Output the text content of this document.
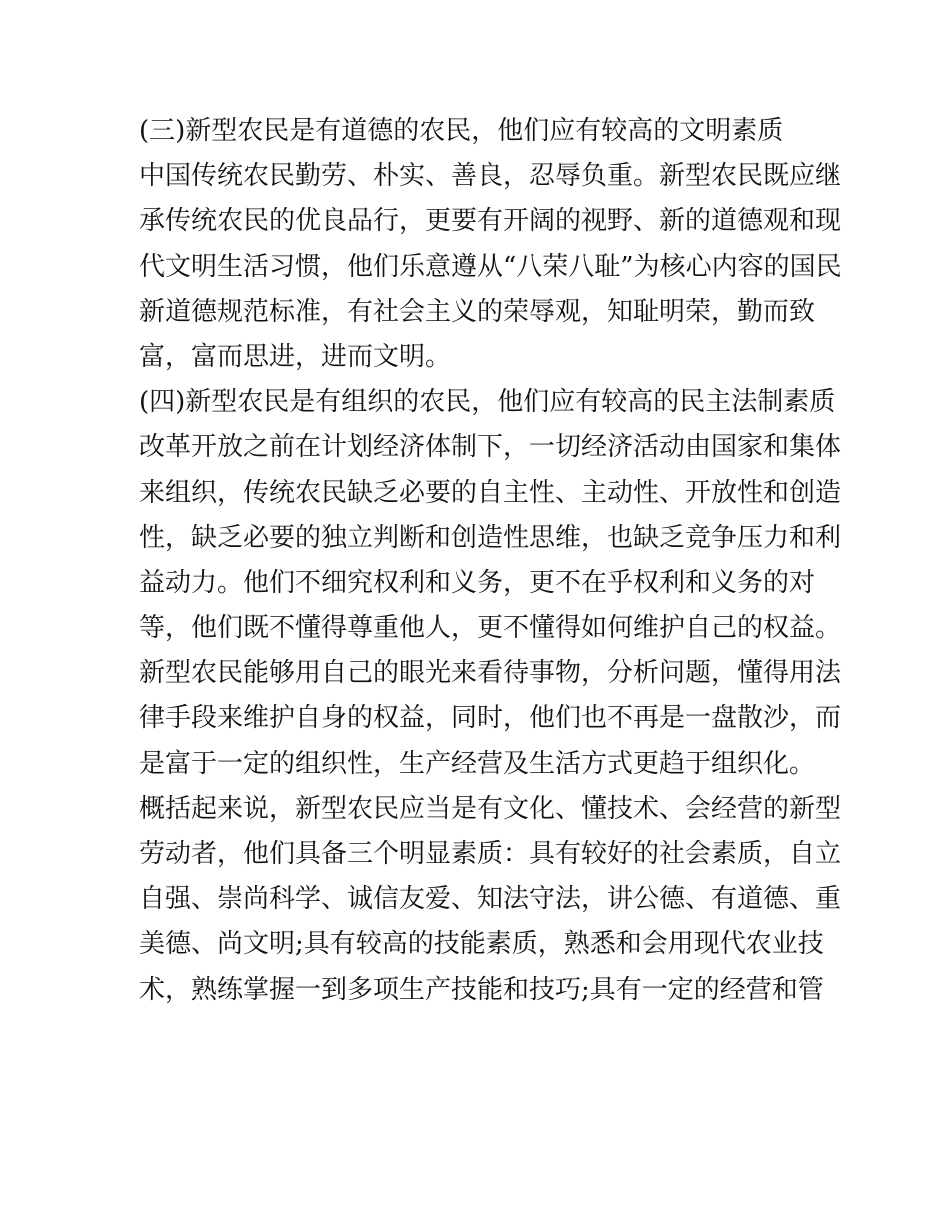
(三)新型农民是有道德的农民，他们应有较高的文明素质

中国传统农民勤劳、朴实、善良，忍辱负重。新型农民既应继

承传统农民的优良品行，更要有开阔的视野、新的道德观和现

代文明生活习惯，他们乐意遵从“八荣八耻”为核心内容的国民

新道德规范标准，有社会主义的荣辱观，知耻明荣，勤而致

富，富而思进，进而文明。

(四)新型农民是有组织的农民，他们应有较高的民主法制素质

改革开放之前在计划经济体制下，一切经济活动由国家和集体

来组织，传统农民缺乏必要的自主性、主动性、开放性和创造

性，缺乏必要的独立判断和创造性思维，也缺乏竞争压力和利

益动力。他们不细究权利和义务，更不在乎权利和义务的对

等，他们既不懂得尊重他人，更不懂得如何维护自己的权益。

新型农民能够用自己的眼光来看待事物，分析问题，懂得用法

律手段来维护自身的权益，同时，他们也不再是一盘散沙，而

是富于一定的组织性，生产经营及生活方式更趋于组织化。

概括起来说，新型农民应当是有文化、懂技术、会经营的新型

劳动者，他们具备三个明显素质：具有较好的社会素质，自立

自强、崇尚科学、诚信友爱、知法守法，讲公德、有道德、重

美德、尚文明;具有较高的技能素质，熟悉和会用现代农业技

术，熟练掌握一到多项生产技能和技巧;具有一定的经营和管
